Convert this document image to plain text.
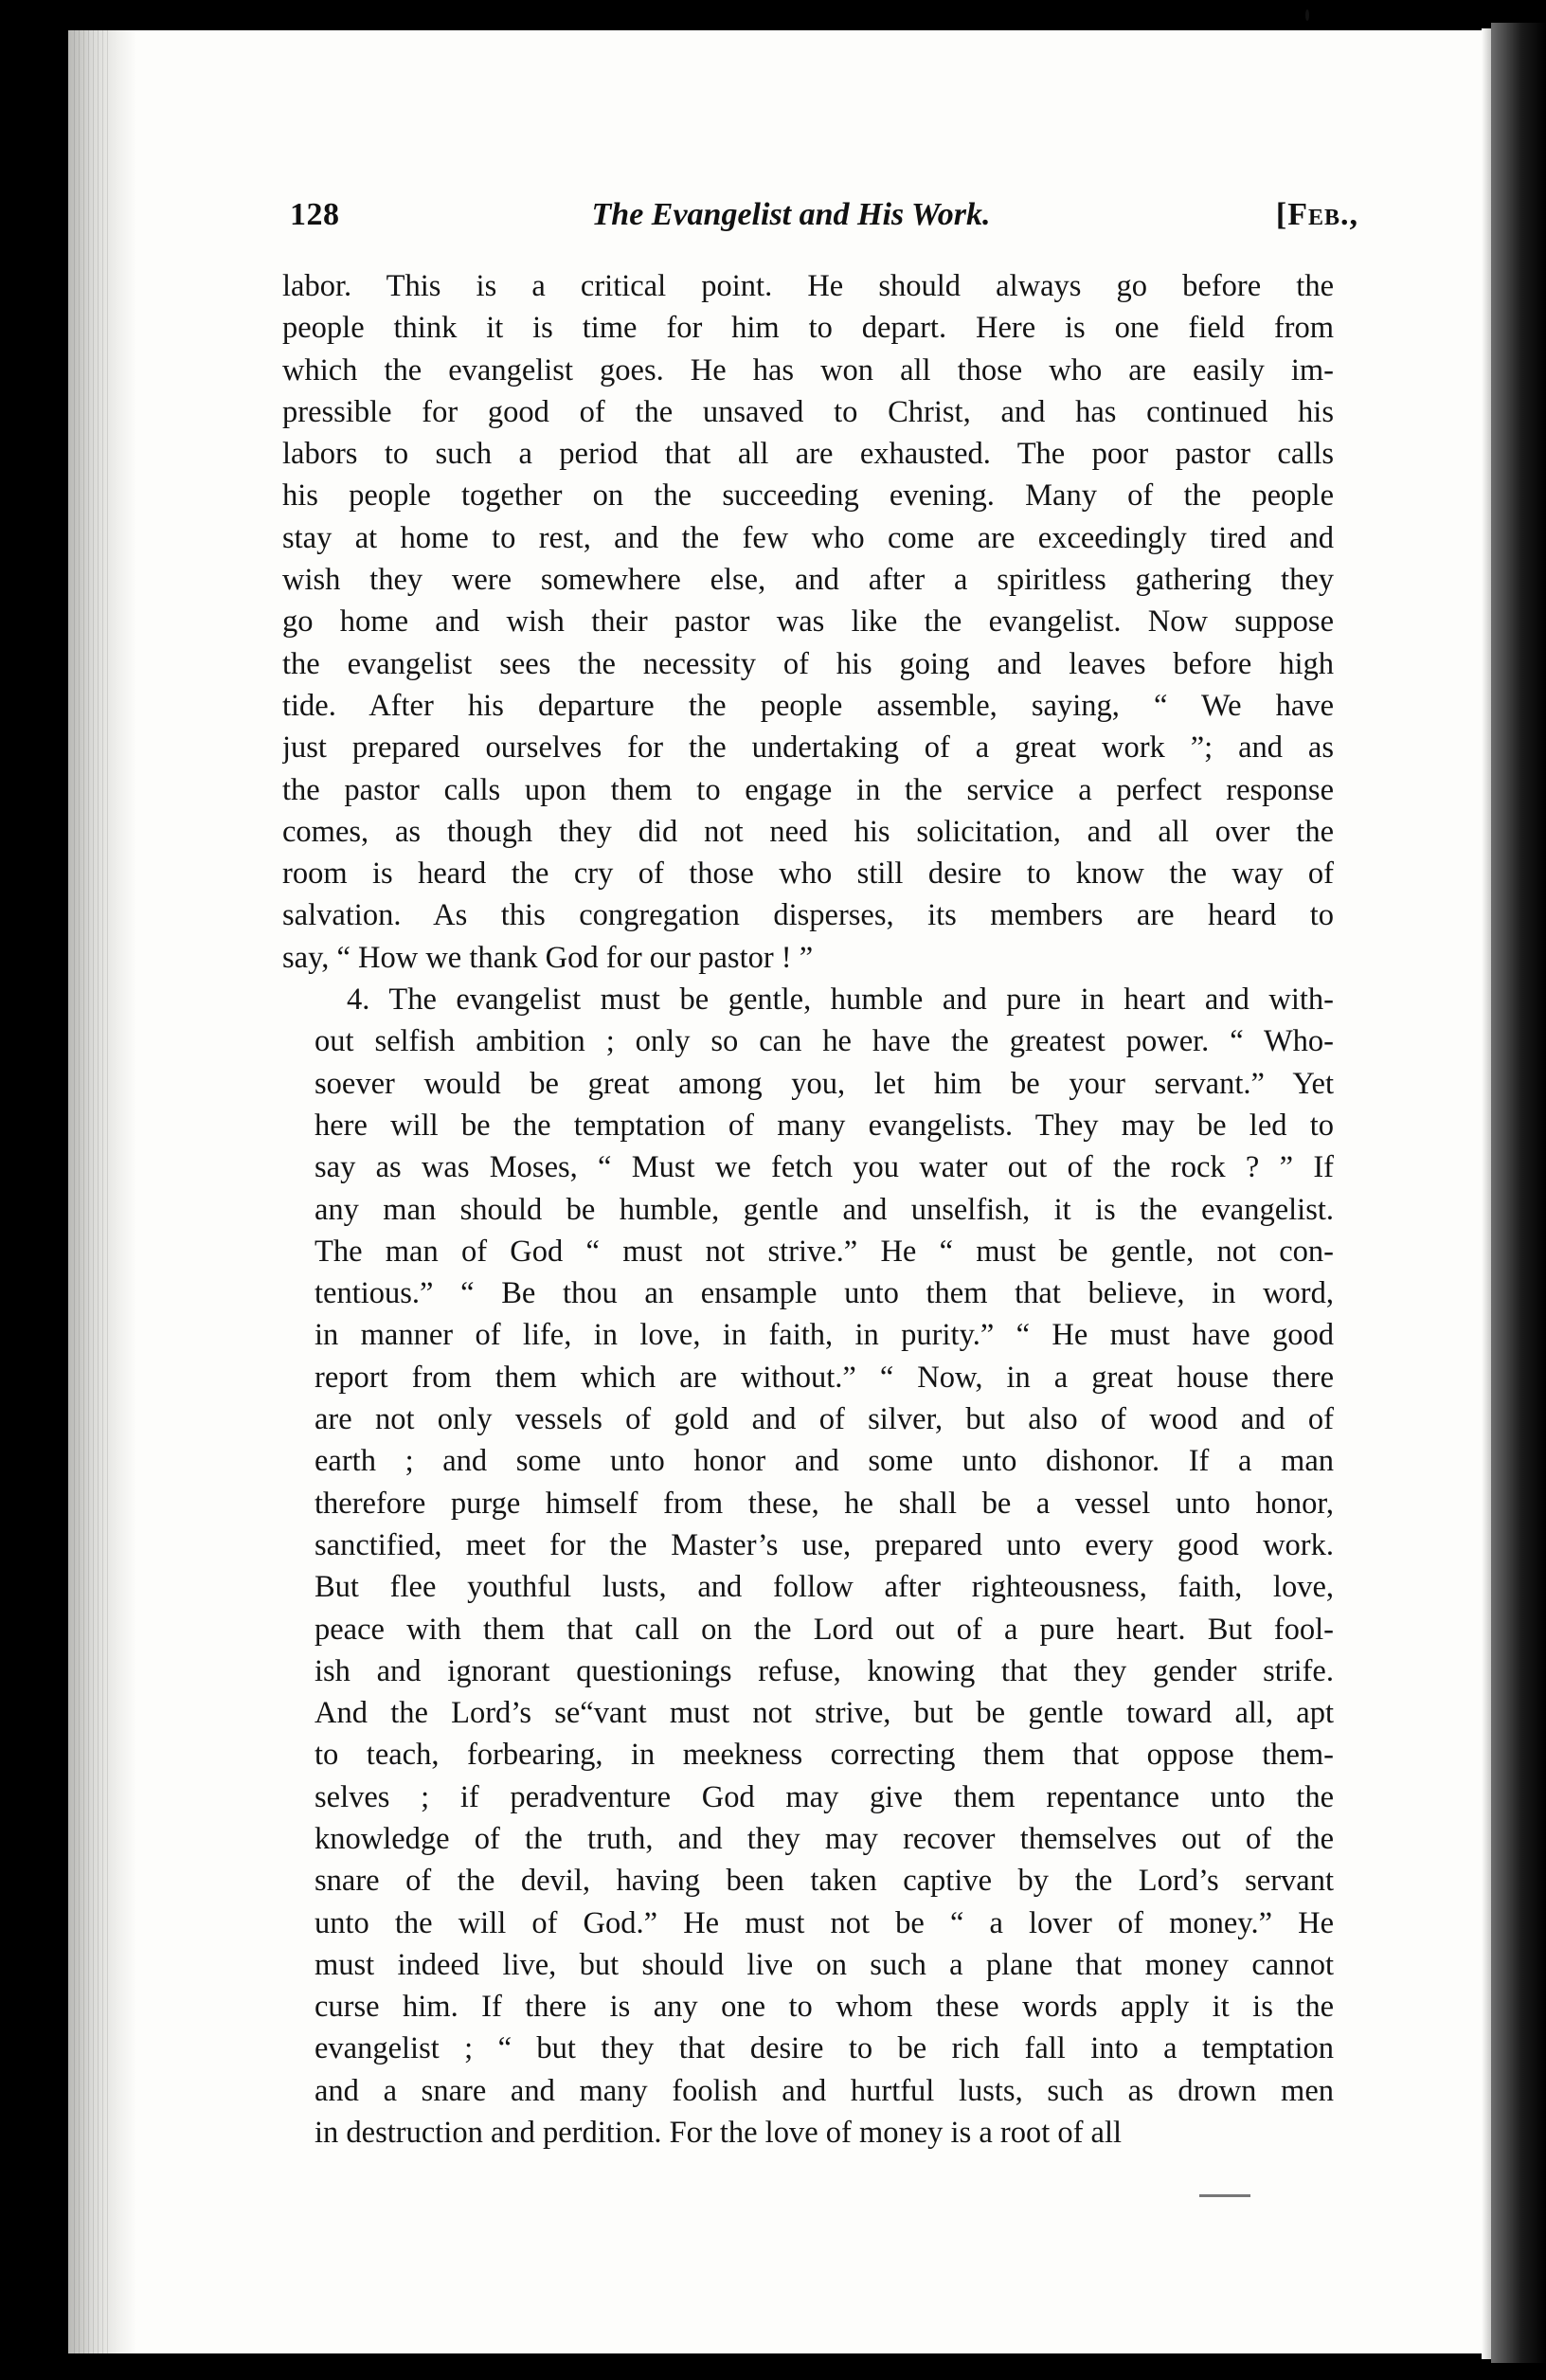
128	The Evangelist and His Work.	[Feb.,

labor. This is a critical point. He should always go before the
people think it is time for him to depart. Here is one field from
which the evangelist goes. He has won all those who are easily im-
pressible for good of the unsaved to Christ, and has continued his
labors to such a period that all are exhausted. The poor pastor calls
his people together on the succeeding evening. Many of the people
stay at home to rest, and the few who come are exceedingly tired and
wish they were somewhere else, and after a spiritless gathering they
go home and wish their pastor was like the evangelist. Now suppose
the evangelist sees the necessity of his going and leaves before high
tide. After his departure the people assemble, saying, “ We have
just prepared ourselves for the undertaking of a great work ”; and as
the pastor calls upon them to engage in the service a perfect response
comes, as though they did not need his solicitation, and all over the
room is heard the cry of those who still desire to know the way of
salvation. As this congregation disperses, its members are heard to
say, “ How we thank God for our pastor ! ”

4. The evangelist must be gentle, humble and pure in heart and with-
out selfish ambition ; only so can he have the greatest power. “ Who-
soever would be great among you, let him be your servant.” Yet
here will be the temptation of many evangelists. They may be led to
say as was Moses, “ Must we fetch you water out of the rock ? ” If
any man should be humble, gentle and unselfish, it is the evangelist.
The man of God “ must not strive.” He “ must be gentle, not con-
tentious.” “ Be thou an ensample unto them that believe, in word,
in manner of life, in love, in faith, in purity.” “ He must have good
report from them which are without.” “ Now, in a great house there
are not only vessels of gold and of silver, but also of wood and of
earth ; and some unto honor and some unto dishonor. If a man
therefore purge himself from these, he shall be a vessel unto honor,
sanctified, meet for the Master’s use, prepared unto every good work.
But flee youthful lusts, and follow after righteousness, faith, love,
peace with them that call on the Lord out of a pure heart. But fool-
ish and ignorant questionings refuse, knowing that they gender strife.
And the Lord’s se“vant must not strive, but be gentle toward all, apt
to teach, forbearing, in meekness correcting them that oppose them-
selves ; if peradventure God may give them repentance unto the
knowledge of the truth, and they may recover themselves out of the
snare of the devil, having been taken captive by the Lord’s servant
unto the will of God.” He must not be “ a lover of money.” He
must indeed live, but should live on such a plane that money cannot
curse him. If there is any one to whom these words apply it is the
evangelist ; “ but they that desire to be rich fall into a temptation
and a snare and many foolish and hurtful lusts, such as drown men
in destruction and perdition. For the love of money is a root of all
